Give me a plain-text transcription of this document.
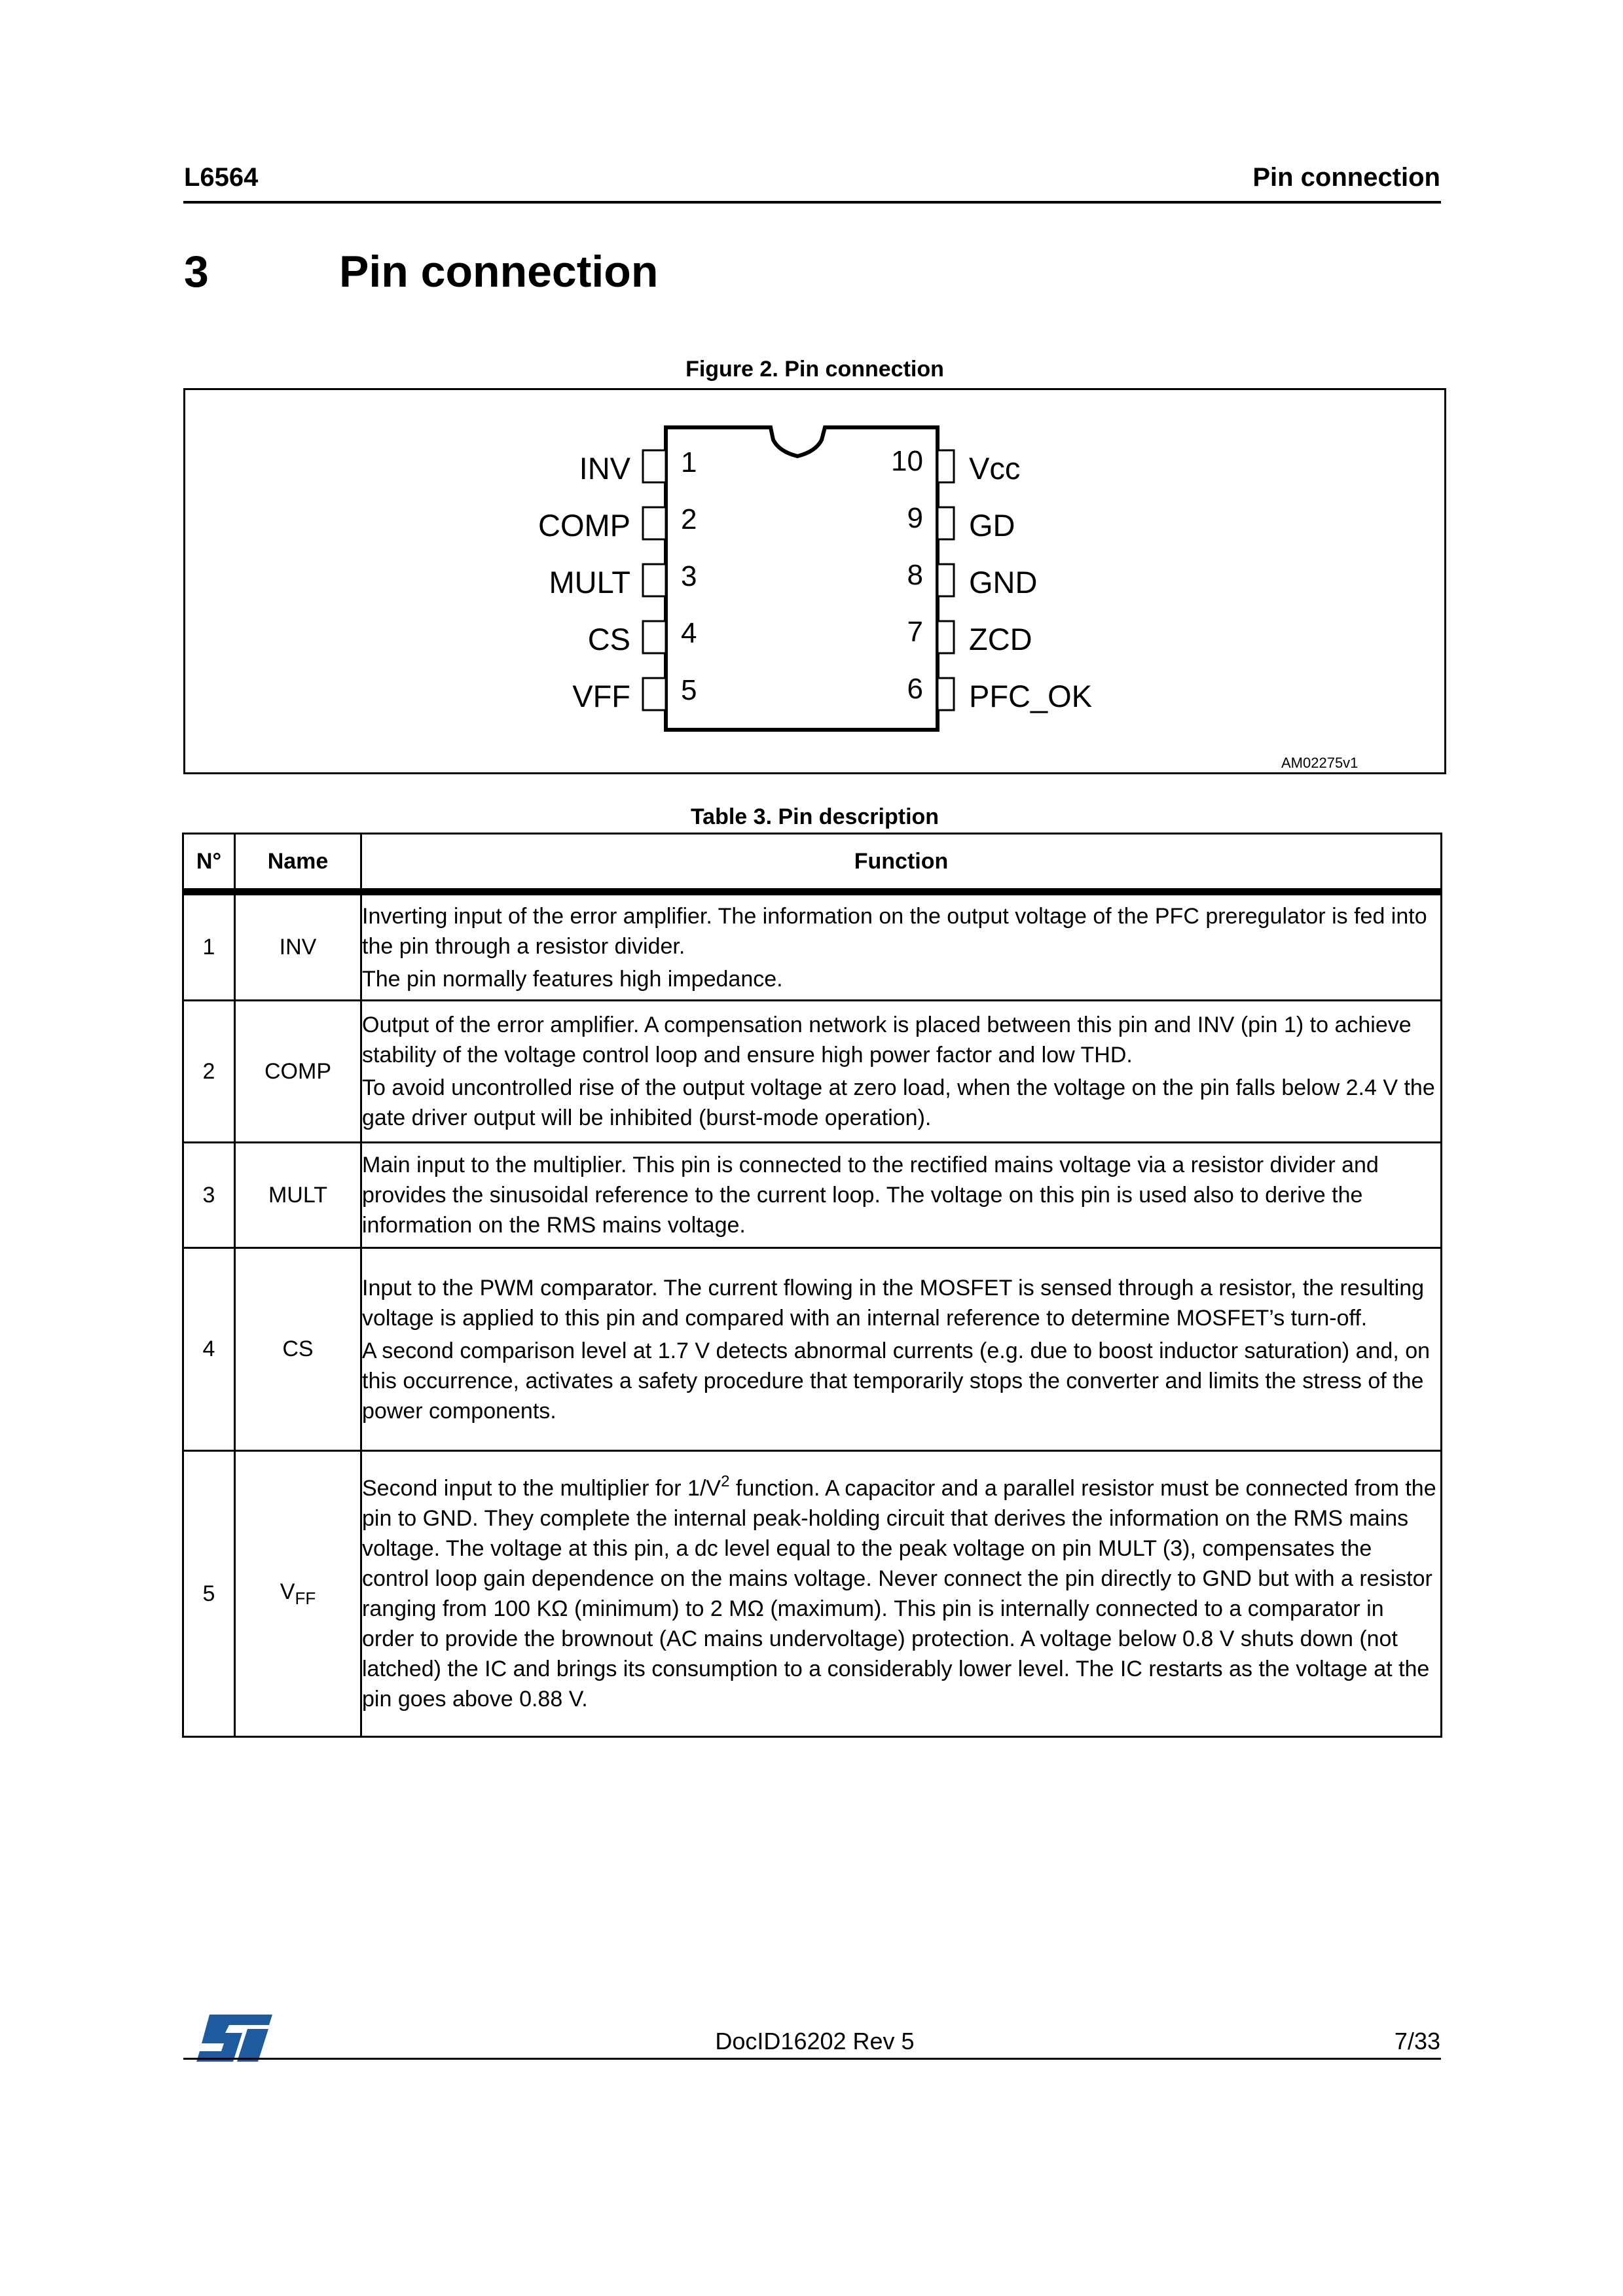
L6564	Pin connection
3	Pin connection
Figure 2. Pin connection
INV 1
COMP 2
MULT 3
CS 4
VFF 5
Vcc
10
GD
9
GND
8
ZCD
7
PFC_OK
6
AM02275v1
Table 3. Pin description
N°	Name	Function
1	INV	Inverting input of the error amplifier. The information on the output voltage of the PFC preregulator is fed into the pin through a resistor divider.

The pin normally features high impedance.

2	COMP	Output of the error amplifier. A compensation network is placed between this pin and INV (pin 1) to achieve stability of the voltage control loop and ensure high power factor and low THD.

To avoid uncontrolled rise of the output voltage at zero load, when the voltage on the pin falls below 2.4 V the gate driver output will be inhibited (burst-mode operation).

3	MULT	Main input to the multiplier. This pin is connected to the rectified mains voltage via a resistor divider and provides the sinusoidal reference to the current loop. The voltage on this pin is used also to derive the information on the RMS mains voltage.

4	CS	Input to the PWM comparator. The current flowing in the MOSFET is sensed through a resistor, the resulting voltage is applied to this pin and compared with an internal reference to determine MOSFET’s turn-off.

A second comparison level at 1.7 V detects abnormal currents (e.g. due to boost inductor saturation) and, on this occurrence, activates a safety procedure that temporarily stops the converter and limits the stress of the power components.

5	$V_{FF}$	Second input to the multiplier for $1/V^2$ function. A capacitor and a parallel resistor must be connected from the pin to GND. They complete the internal peak-holding circuit that derives the information on the RMS mains voltage. The voltage at this pin, a dc level equal to the peak voltage on pin MULT (3), compensates the control loop gain dependence on the mains voltage. Never connect the pin directly to GND but with a resistor ranging from 100 KΩ (minimum) to 2 MΩ (maximum). This pin is internally connected to a comparator in order to provide the brownout (AC mains undervoltage) protection. A voltage below 0.8 V shuts down (not latched) the IC and brings its consumption to a considerably lower level. The IC restarts as the voltage at the pin goes above 0.88 V.

DocID16202 Rev 5	7/33
